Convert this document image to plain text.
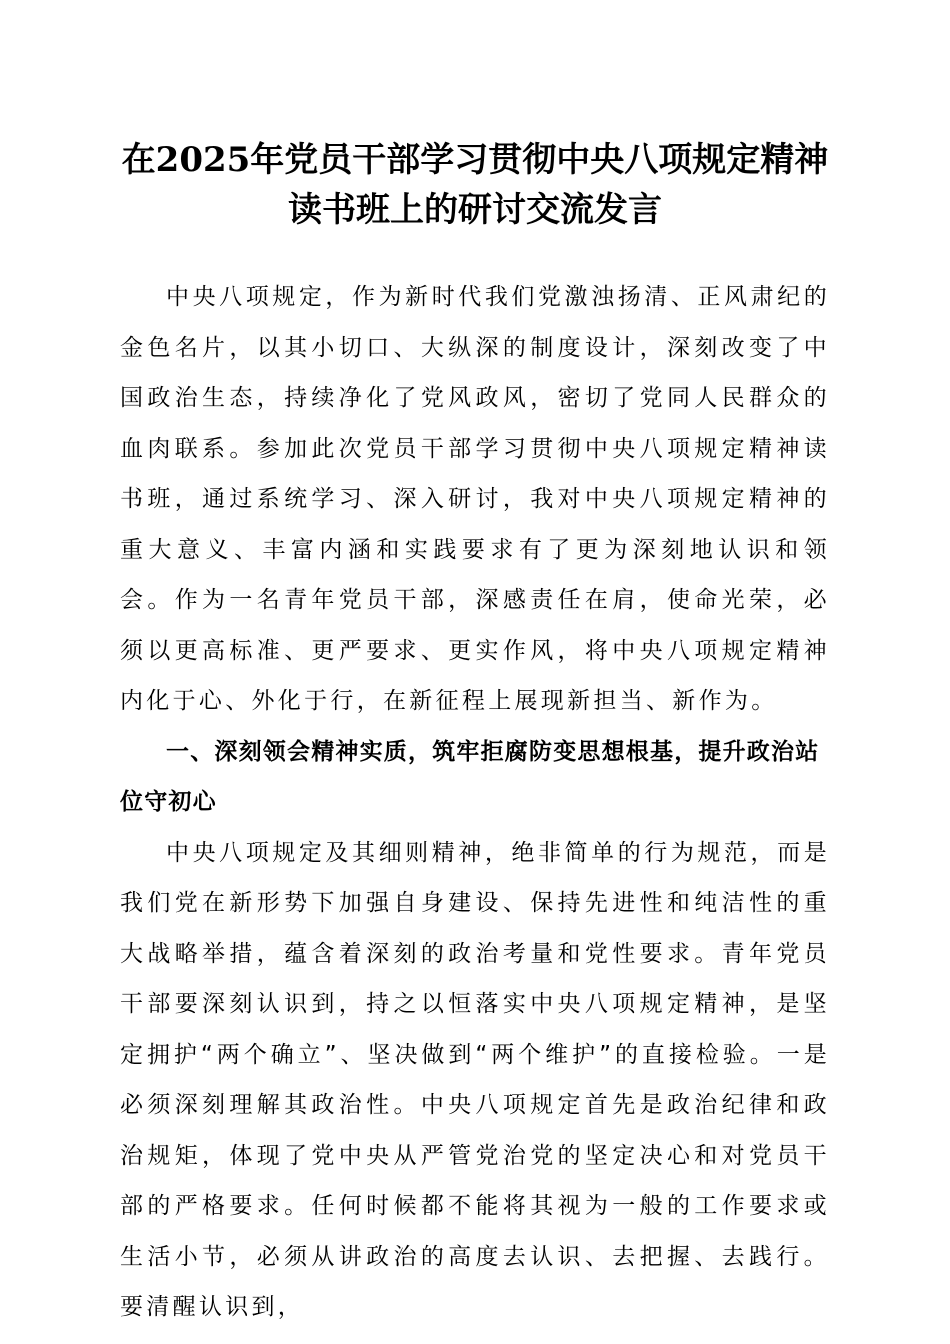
在2025年党员干部学习贯彻中央八项规定精神读书班上的研讨交流发言

中央八项规定，作为新时代我们党激浊扬清、正风肃纪的金色名片，以其小切口、大纵深的制度设计，深刻改变了中国政治生态，持续净化了党风政风，密切了党同人民群众的血肉联系。参加此次党员干部学习贯彻中央八项规定精神读书班，通过系统学习、深入研讨，我对中央八项规定精神的重大意义、丰富内涵和实践要求有了更为深刻地认识和领会。作为一名青年党员干部，深感责任在肩，使命光荣，必须以更高标准、更严要求、更实作风，将中央八项规定精神内化于心、外化于行，在新征程上展现新担当、新作为。

一、深刻领会精神实质，筑牢拒腐防变思想根基，提升政治站位守初心

中央八项规定及其细则精神，绝非简单的行为规范，而是我们党在新形势下加强自身建设、保持先进性和纯洁性的重大战略举措，蕴含着深刻的政治考量和党性要求。青年党员干部要深刻认识到，持之以恒落实中央八项规定精神，是坚定拥护“两个确立”、坚决做到“两个维护”的直接检验。一是必须深刻理解其政治性。中央八项规定首先是政治纪律和政治规矩，体现了党中央从严管党治党的坚定决心和对党员干部的严格要求。任何时候都不能将其视为一般的工作要求或生活小节，必须从讲政治的高度去认识、去把握、去践行。要清醒认识到，
